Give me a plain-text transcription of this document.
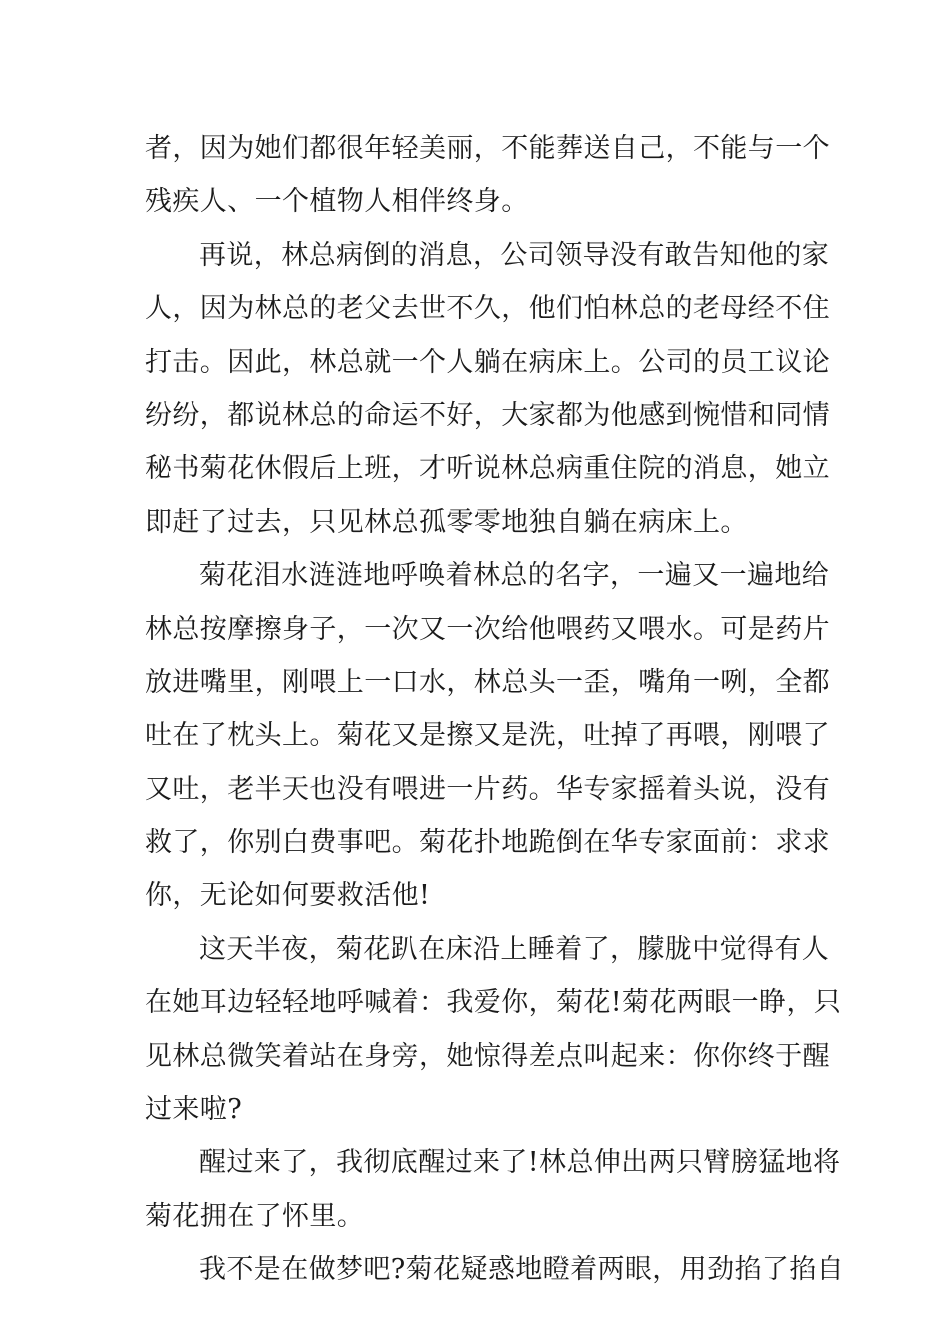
者，因为她们都很年轻美丽，不能葬送自己，不能与一个
残疾人、一个植物人相伴终身。
再说，林总病倒的消息，公司领导没有敢告知他的家
人，因为林总的老父去世不久，他们怕林总的老母经不住
打击。因此，林总就一个人躺在病床上。公司的员工议论
纷纷，都说林总的命运不好，大家都为他感到惋惜和同情
秘书菊花休假后上班，才听说林总病重住院的消息，她立
即赶了过去，只见林总孤零零地独自躺在病床上。
菊花泪水涟涟地呼唤着林总的名字，一遍又一遍地给
林总按摩擦身子，一次又一次给他喂药又喂水。可是药片
放进嘴里，刚喂上一口水，林总头一歪，嘴角一咧，全都
吐在了枕头上。菊花又是擦又是洗，吐掉了再喂，刚喂了
又吐，老半天也没有喂进一片药。华专家摇着头说，没有
救了，你别白费事吧。菊花扑地跪倒在华专家面前：求求
你，无论如何要救活他!
这天半夜，菊花趴在床沿上睡着了，朦胧中觉得有人
在她耳边轻轻地呼喊着：我爱你，菊花!菊花两眼一睁，只
见林总微笑着站在身旁，她惊得差点叫起来：你你终于醒
过来啦?
醒过来了，我彻底醒过来了!林总伸出两只臂膀猛地将
菊花拥在了怀里。
我不是在做梦吧?菊花疑惑地瞪着两眼，用劲掐了掐自
